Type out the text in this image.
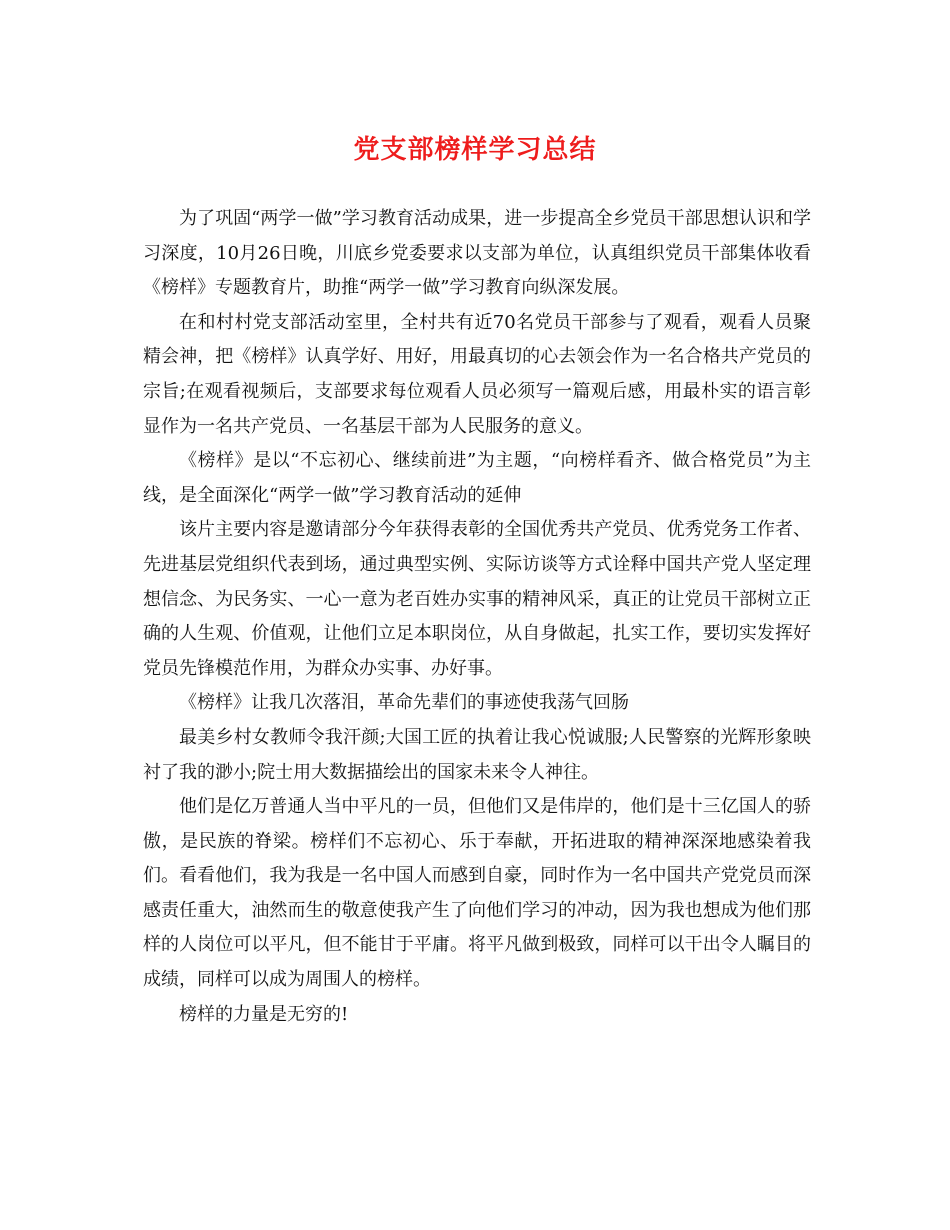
党支部榜样学习总结

为了巩固“两学一做”学习教育活动成果，进一步提高全乡党员干部思想认识和学习深度，10月26日晚，川底乡党委要求以支部为单位，认真组织党员干部集体收看《榜样》专题教育片，助推“两学一做”学习教育向纵深发展。

在和村村党支部活动室里，全村共有近70名党员干部参与了观看，观看人员聚精会神，把《榜样》认真学好、用好，用最真切的心去领会作为一名合格共产党员的宗旨;在观看视频后，支部要求每位观看人员必须写一篇观后感，用最朴实的语言彰显作为一名共产党员、一名基层干部为人民服务的意义。

《榜样》是以“不忘初心、继续前进”为主题，“向榜样看齐、做合格党员”为主线，是全面深化“两学一做”学习教育活动的延伸

该片主要内容是邀请部分今年获得表彰的全国优秀共产党员、优秀党务工作者、先进基层党组织代表到场，通过典型实例、实际访谈等方式诠释中国共产党人坚定理想信念、为民务实、一心一意为老百姓办实事的精神风采，真正的让党员干部树立正确的人生观、价值观，让他们立足本职岗位，从自身做起，扎实工作，要切实发挥好党员先锋模范作用，为群众办实事、办好事。

《榜样》让我几次落泪，革命先辈们的事迹使我荡气回肠

最美乡村女教师令我汗颜;大国工匠的执着让我心悦诚服;人民警察的光辉形象映衬了我的渺小;院士用大数据描绘出的国家未来令人神往。

他们是亿万普通人当中平凡的一员，但他们又是伟岸的，他们是十三亿国人的骄傲，是民族的脊梁。榜样们不忘初心、乐于奉献，开拓进取的精神深深地感染着我们。看看他们，我为我是一名中国人而感到自豪，同时作为一名中国共产党党员而深感责任重大，油然而生的敬意使我产生了向他们学习的冲动，因为我也想成为他们那样的人岗位可以平凡，但不能甘于平庸。将平凡做到极致，同样可以干出令人瞩目的成绩，同样可以成为周围人的榜样。

榜样的力量是无穷的!
